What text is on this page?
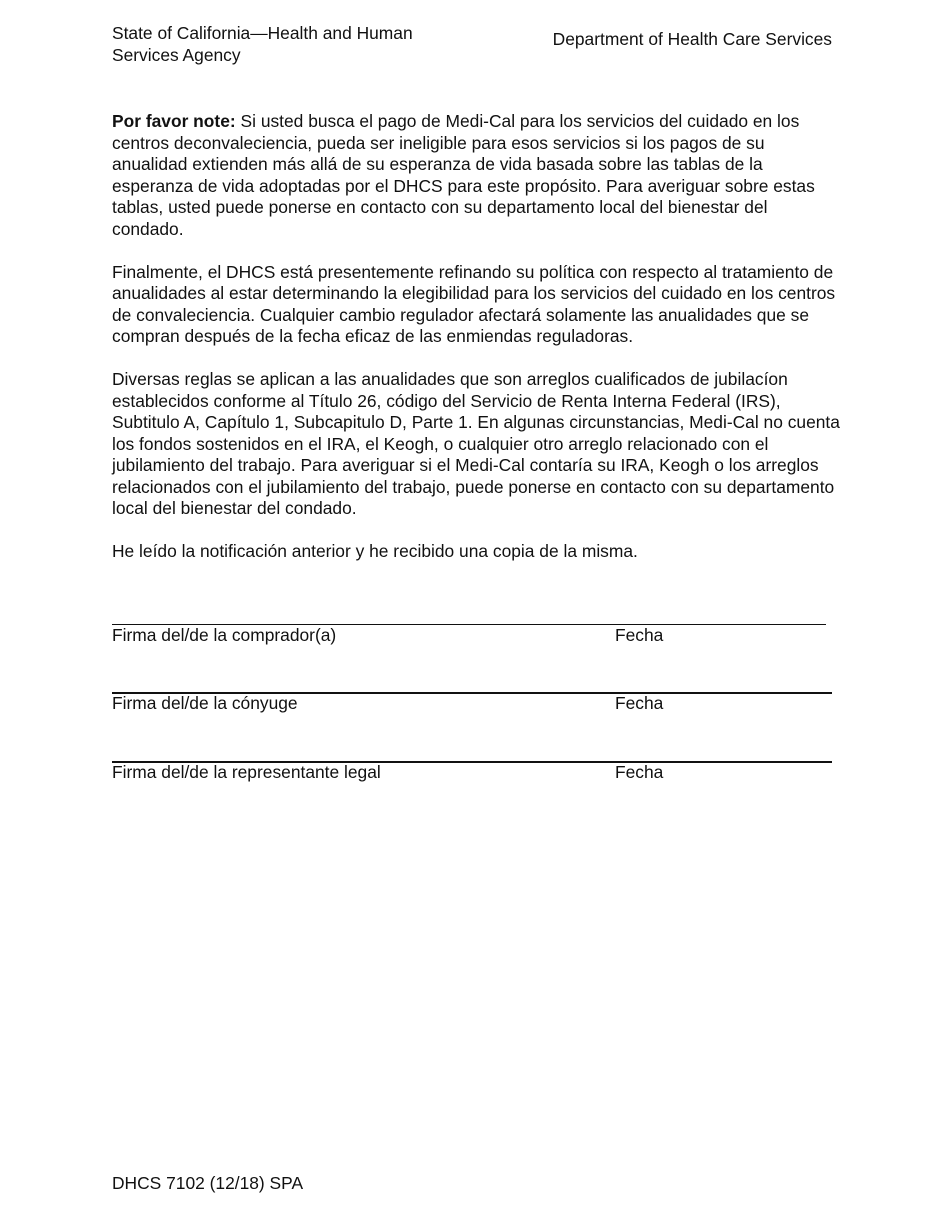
State of California—Health and Human
Services Agency
Department of Health Care Services

Por favor note: Si usted busca el pago de Medi-Cal para los servicios del cuidado en los centros deconvaleciencia, pueda ser ineligible para esos servicios si los pagos de su anualidad extienden más allá de su esperanza de vida basada sobre las tablas de la esperanza de vida adoptadas por el DHCS para este propósito. Para averiguar sobre estas tablas, usted puede ponerse en contacto con su departamento local del bienestar del condado.

Finalmente, el DHCS está presentemente refinando su política con respecto al tratamiento de anualidades al estar determinando la elegibilidad para los servicios del cuidado en los centros de convaleciencia. Cualquier cambio regulador afectará solamente las anualidades que se compran después de la fecha eficaz de las enmiendas reguladoras.

Diversas reglas se aplican a las anualidades que son arreglos cualificados de jubilacíon establecidos conforme al Título 26, código del Servicio de Renta Interna Federal (IRS), Subtitulo A, Capítulo 1, Subcapitulo D, Parte 1. En algunas circunstancias, Medi-Cal no cuenta los fondos sostenidos en el IRA, el Keogh, o cualquier otro arreglo relacionado con el jubilamiento del trabajo. Para averiguar si el Medi-Cal contaría su IRA, Keogh o los arreglos relacionados con el jubilamiento del trabajo, puede ponerse en contacto con su departamento local del bienestar del condado.

He leído la notificación anterior y he recibido una copia de la misma.

Firma del/de la comprador(a)	Fecha
Firma del/de la cónyuge	Fecha
Firma del/de la representante legal	Fecha
DHCS 7102 (12/18) SPA
